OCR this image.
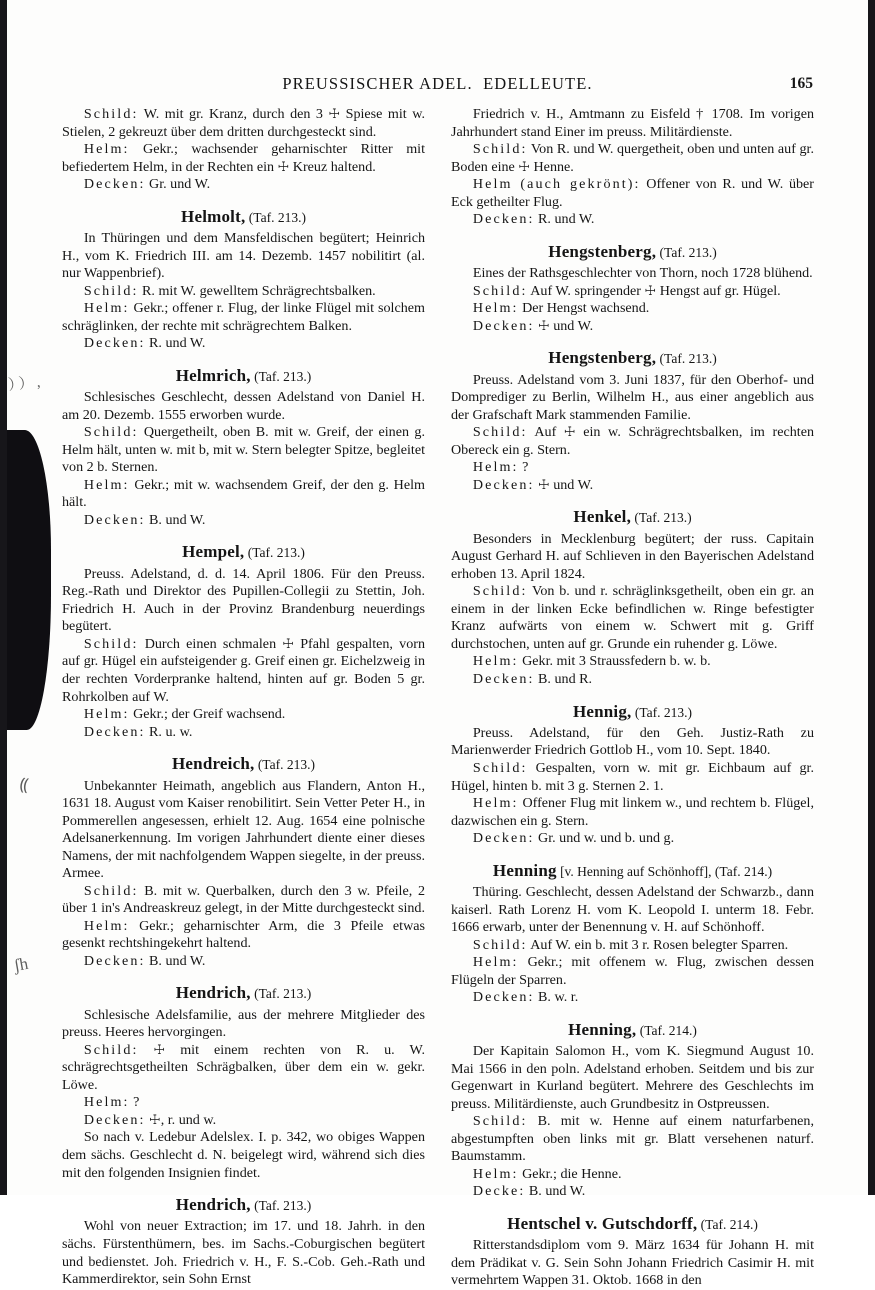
））,
⸨
ʃh
PREUSSISCHER ADEL.  EDELLEUTE.	165

Schild: W. mit gr. Kranz, durch den 3 ☩ Spiese mit w. Stielen, 2 gekreuzt über dem dritten durchgesteckt sind.

Helm: Gekr.; wachsender geharnischter Ritter mit befiedertem Helm, in der Rechten ein ☩ Kreuz haltend.

Decken: Gr. und W.

Helmolt, (Taf. 213.)

In Thüringen und dem Mansfeldischen begütert; Heinrich H., vom K. Friedrich III. am 14. Dezemb. 1457 nobilitirt (al. nur Wappenbrief).

Schild: R. mit W. gewelltem Schrägrechtsbalken.

Helm: Gekr.; offener r. Flug, der linke Flügel mit solchem schräglinken, der rechte mit schrägrechtem Balken.

Decken: R. und W.

Helmrich, (Taf. 213.)

Schlesisches Geschlecht, dessen Adelstand von Daniel H. am 20. Dezemb. 1555 erworben wurde.

Schild: Quergetheilt, oben B. mit w. Greif, der einen g. Helm hält, unten w. mit b, mit w. Stern belegter Spitze, begleitet von 2 b. Sternen.

Helm: Gekr.; mit w. wachsendem Greif, der den g. Helm hält.

Decken: B. und W.

Hempel, (Taf. 213.)

Preuss. Adelstand, d. d. 14. April 1806. Für den Preuss. Reg.-Rath und Direktor des Pupillen-Collegii zu Stettin, Joh. Friedrich H. Auch in der Provinz Brandenburg neuerdings begütert.

Schild: Durch einen schmalen ☩ Pfahl gespalten, vorn auf gr. Hügel ein aufsteigender g. Greif einen gr. Eichelzweig in der rechten Vorderpranke haltend, hinten auf gr. Boden 5 gr. Rohrkolben auf W.

Helm: Gekr.; der Greif wachsend.

Decken: R. u. w.

Hendreich, (Taf. 213.)

Unbekannter Heimath, angeblich aus Flandern, Anton H., 1631 18. August vom Kaiser renobilitirt. Sein Vetter Peter H., in Pommerellen angesessen, erhielt 12. Aug. 1654 eine polnische Adelsanerkennung. Im vorigen Jahrhundert diente einer dieses Namens, der mit nachfolgendem Wappen siegelte, in der preuss. Armee.

Schild: B. mit w. Querbalken, durch den 3 w. Pfeile, 2 über 1 in's Andreaskreuz gelegt, in der Mitte durchgesteckt sind.

Helm: Gekr.; geharnischter Arm, die 3 Pfeile etwas gesenkt rechtshingekehrt haltend.

Decken: B. und W.

Hendrich, (Taf. 213.)

Schlesische Adelsfamilie, aus der mehrere Mitglieder des preuss. Heeres hervorgingen.

Schild: ☩ mit einem rechten von R. u. W. schrägrechtsgetheilten Schrägbalken, über dem ein w. gekr. Löwe.

Helm: ?

Decken: ☩, r. und w.

So nach v. Ledebur Adelslex. I. p. 342, wo obiges Wappen dem sächs. Geschlecht d. N. beigelegt wird, während sich dies mit den folgenden Insignien findet.

Hendrich, (Taf. 213.)

Wohl von neuer Extraction; im 17. und 18. Jahrh. in den sächs. Fürstenthümern, bes. im Sachs.-Coburgischen begütert und bedienstet. Joh. Friedrich v. H., F. S.-Cob. Geh.-Rath und Kammerdirektor, sein Sohn Ernst

Friedrich v. H., Amtmann zu Eisfeld † 1708. Im vorigen Jahrhundert stand Einer im preuss. Militärdienste.

Schild: Von R. und W. quergetheit, oben und unten auf gr. Boden eine ☩ Henne.

Helm (auch gekrönt): Offener von R. und W. über Eck getheilter Flug.

Decken: R. und W.

Hengstenberg, (Taf. 213.)

Eines der Rathsgeschlechter von Thorn, noch 1728 blühend.

Schild: Auf W. springender ☩ Hengst auf gr. Hügel.

Helm: Der Hengst wachsend.

Decken: ☩ und W.

Hengstenberg, (Taf. 213.)

Preuss. Adelstand vom 3. Juni 1837, für den Oberhof- und Domprediger zu Berlin, Wilhelm H., aus einer angeblich aus der Grafschaft Mark stammenden Familie.

Schild: Auf ☩ ein w. Schrägrechtsbalken, im rechten Obereck ein g. Stern.

Helm: ?

Decken: ☩ und W.

Henkel, (Taf. 213.)

Besonders in Mecklenburg begütert; der russ. Capitain August Gerhard H. auf Schlieven in den Bayerischen Adelstand erhoben 13. April 1824.

Schild: Von b. und r. schräglinksgetheilt, oben ein gr. an einem in der linken Ecke befindlichen w. Ringe befestigter Kranz aufwärts von einem w. Schwert mit g. Griff durchstochen, unten auf gr. Grunde ein ruhender g. Löwe.

Helm: Gekr. mit 3 Straussfedern b. w. b.

Decken: B. und R.

Hennig, (Taf. 213.)

Preuss. Adelstand, für den Geh. Justiz-Rath zu Marienwerder Friedrich Gottlob H., vom 10. Sept. 1840.

Schild: Gespalten, vorn w. mit gr. Eichbaum auf gr. Hügel, hinten b. mit 3 g. Sternen 2. 1.

Helm: Offener Flug mit linkem w., und rechtem b. Flügel, dazwischen ein g. Stern.

Decken: Gr. und w. und b. und g.

Henning [v. Henning auf Schönhoff], (Taf. 214.)

Thüring. Geschlecht, dessen Adelstand der Schwarzb., dann kaiserl. Rath Lorenz H. vom K. Leopold I. unterm 18. Febr. 1666 erwarb, unter der Benennung v. H. auf Schönhoff.

Schild: Auf W. ein b. mit 3 r. Rosen belegter Sparren.

Helm: Gekr.; mit offenem w. Flug, zwischen dessen Flügeln der Sparren.

Decken: B. w. r.

Henning, (Taf. 214.)

Der Kapitain Salomon H., vom K. Siegmund August 10. Mai 1566 in den poln. Adelstand erhoben. Seitdem und bis zur Gegenwart in Kurland begütert. Mehrere des Geschlechts im preuss. Militärdienste, auch Grundbesitz in Ostpreussen.

Schild: B. mit w. Henne auf einem naturfarbenen, abgestumpften oben links mit gr. Blatt versehenen naturf. Baumstamm.

Helm: Gekr.; die Henne.

Decke: B. und W.

Hentschel v. Gutschdorff, (Taf. 214.)

Ritterstandsdiplom vom 9. März 1634 für Johann H. mit dem Prädikat v. G. Sein Sohn Johann Friedrich Casimir H. mit vermehrtem Wappen 31. Oktob. 1668 in den
